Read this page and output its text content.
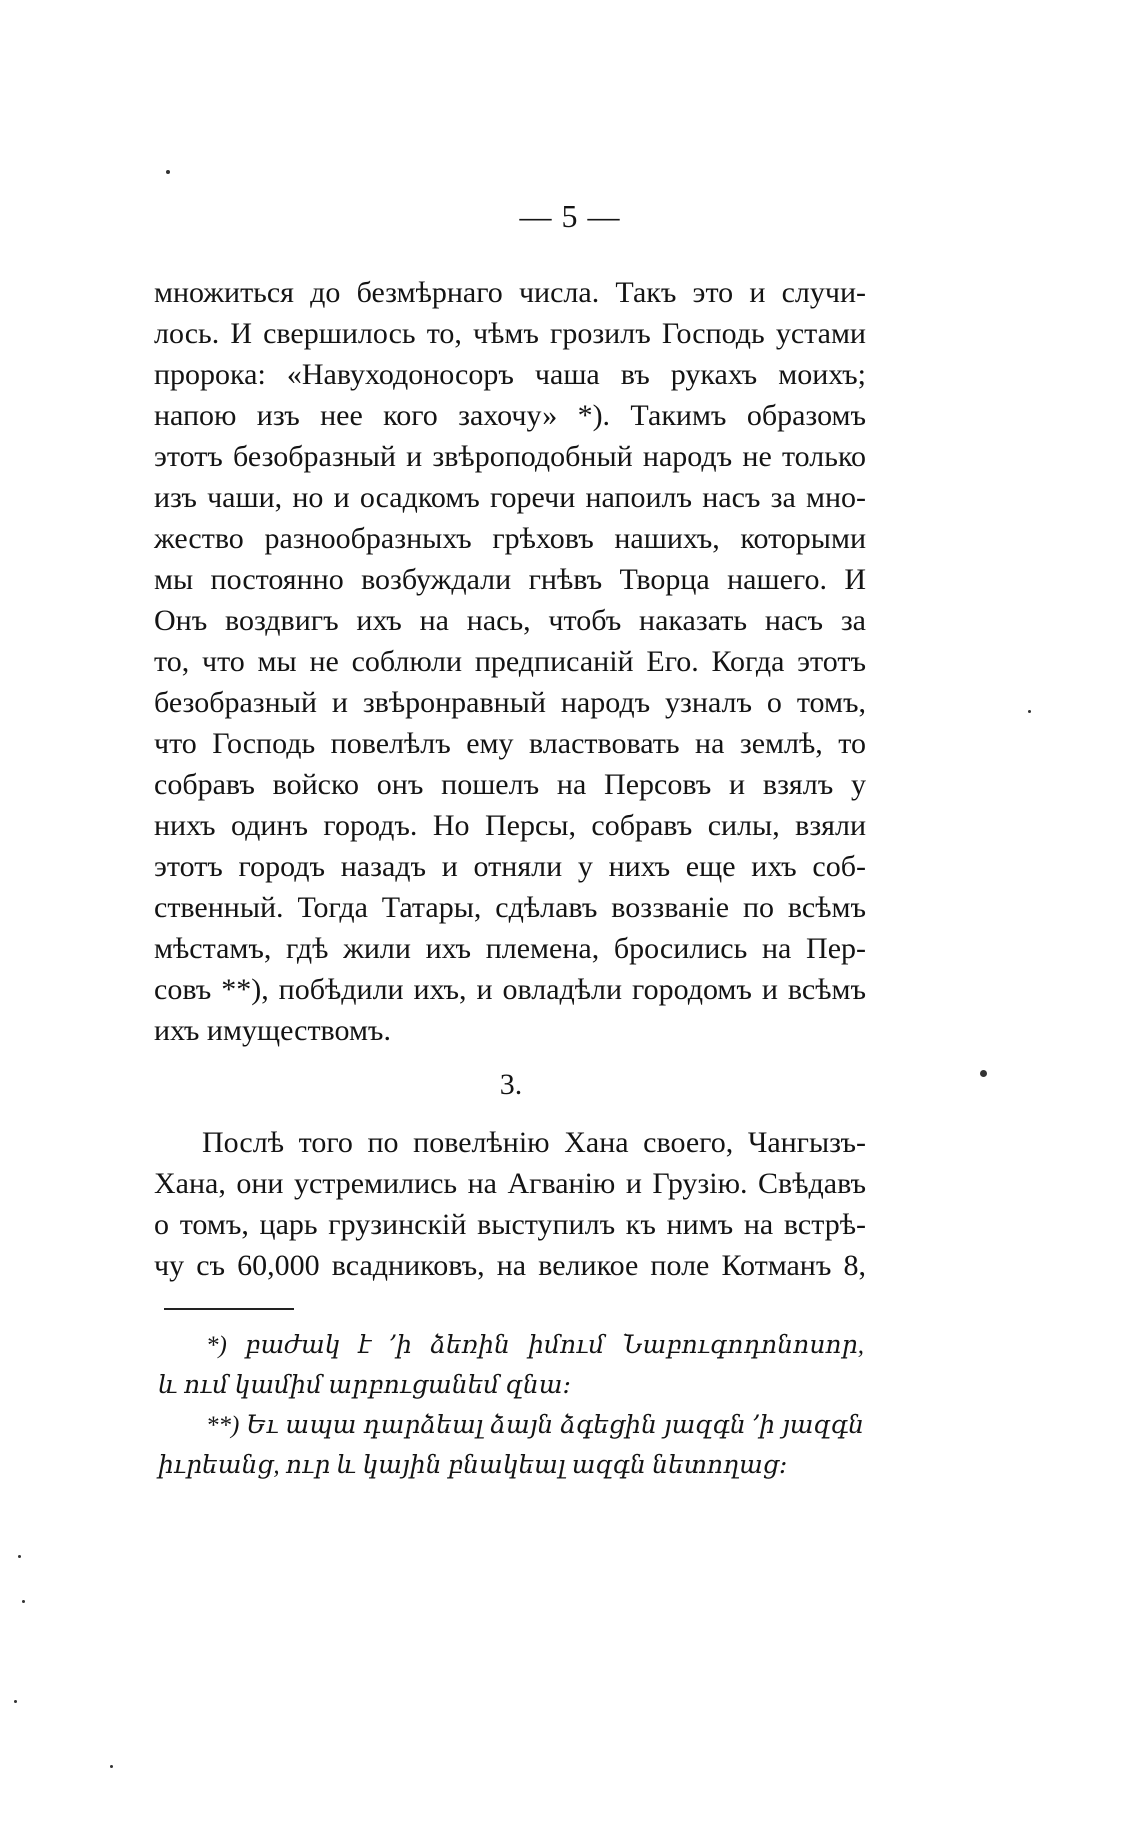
— 5 —
множиться до безмѣрнаго числа. Такъ это и случи-
лось. И свершилось то, чѣмъ грозилъ Господь устами
пророка: «Навуходоносоръ чаша въ рукахъ моихъ;
напою изъ нее кого захочу» *). Такимъ образомъ
этотъ безобразный и звѣроподобный народъ не только
изъ чаши, но и осадкомъ горечи напоилъ насъ за мно-
жество разнообразныхъ грѣховъ нашихъ, которыми
мы постоянно возбуждали гнѣвъ Творца нашего. И
Онъ воздвигъ ихъ на нась, чтобъ наказать насъ за
то, что мы не соблюли предписаній Его. Когда этотъ
безобразный и звѣронравный народъ узналъ о томъ,
что Господь повелѣлъ ему властвовать на землѣ, то
собравъ войско онъ пошелъ на Персовъ и взялъ у
нихъ одинъ городъ. Но Персы, собравъ силы, взяли
этотъ городъ назадъ и отняли у нихъ еще ихъ соб-
ственный. Тогда Татары, сдѣлавъ воззваніе по всѣмъ
мѣстамъ, гдѣ жили ихъ племена, бросились на Пер-
совъ **), побѣдили ихъ, и овладѣли городомъ и всѣмъ
ихъ имуществомъ.
3.
Послѣ того по повелѣнію Хана своего, Чангызъ-
Хана, они устремились на Агванію и Грузію. Свѣдавъ
о томъ, царь грузинскій выступилъ къ нимъ на встрѣ-
чу съ 60,000 всадниковъ, на великое поле Котманъ 8,
*) բաժակ է ՚ի ձեռին իմում Նաբուգոդոնոսոր,
և ում կամիմ արբուցանեմ զնա։
**) Եւ ապա դարձեալ ձայն ձգեցին յազգն ՚ի յազգն
իւրեանց, ուր և կային բնակեալ ազգն նետողաց։
